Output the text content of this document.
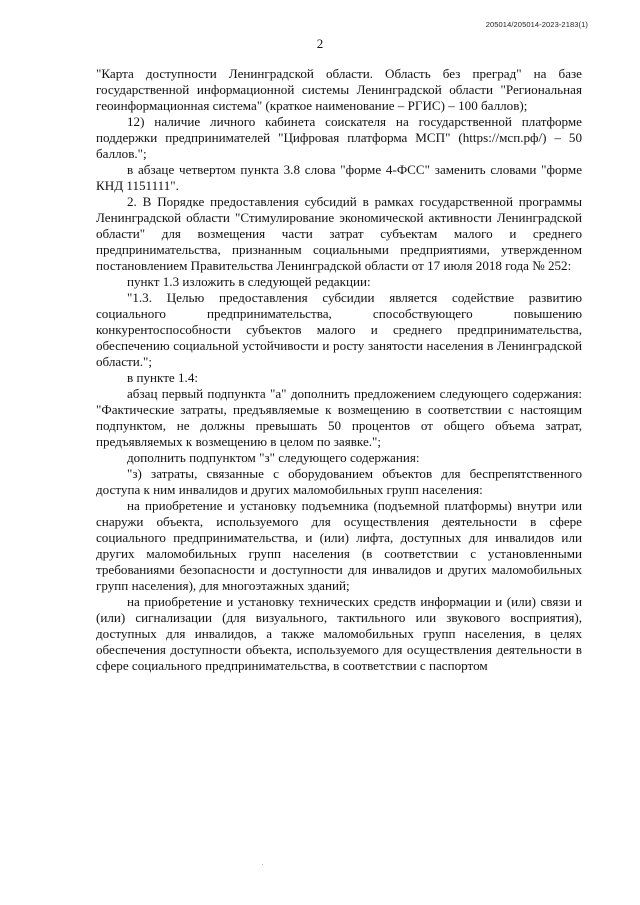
205014/205014-2023-2183(1)
2

"Карта доступности Ленинградской области. Область без преград" на базе государственной информационной системы Ленинградской области "Региональная геоинформационная система" (краткое наименование – РГИС) – 100 баллов);

12) наличие личного кабинета соискателя на государственной платформе поддержки предпринимателей "Цифровая платформа МСП" (https://мсп.рф/) – 50 баллов.";

в абзаце четвертом пункта 3.8 слова "форме 4-ФСС" заменить словами "форме КНД 1151111".

2. В Порядке предоставления субсидий в рамках государственной программы Ленинградской области "Стимулирование экономической активности Ленинградской области" для возмещения части затрат субъектам малого и среднего предпринимательства, признанным социальными предприятиями, утвержденном постановлением Правительства Ленинградской области от 17 июля 2018 года № 252:

пункт 1.3 изложить в следующей редакции:

"1.3. Целью предоставления субсидии является содействие развитию социального предпринимательства, способствующего повышению конкурентоспособности субъектов малого и среднего предпринимательства, обеспечению социальной устойчивости и росту занятости населения в Ленинградской области.";

в пункте 1.4:

абзац первый подпункта "а" дополнить предложением следующего содержания: "Фактические затраты, предъявляемые к возмещению в соответствии с настоящим подпунктом, не должны превышать 50 процентов от общего объема затрат, предъявляемых к возмещению в целом по заявке.";

дополнить подпунктом "з" следующего содержания:

"з) затраты, связанные с оборудованием объектов для беспрепятственного доступа к ним инвалидов и других маломобильных групп населения:

на приобретение и установку подъемника (подъемной платформы) внутри или снаружи объекта, используемого для осуществления деятельности в сфере социального предпринимательства, и (или) лифта, доступных для инвалидов или других маломобильных групп населения (в соответствии с установленными требованиями безопасности и доступности для инвалидов и других маломобильных групп населения), для многоэтажных зданий;

на приобретение и установку технических средств информации и (или) связи и (или) сигнализации (для визуального, тактильного или звукового восприятия), доступных для инвалидов, а также маломобильных групп населения, в целях обеспечения доступности объекта, используемого для осуществления деятельности в сфере социального предпринимательства, в соответствии с паспортом
